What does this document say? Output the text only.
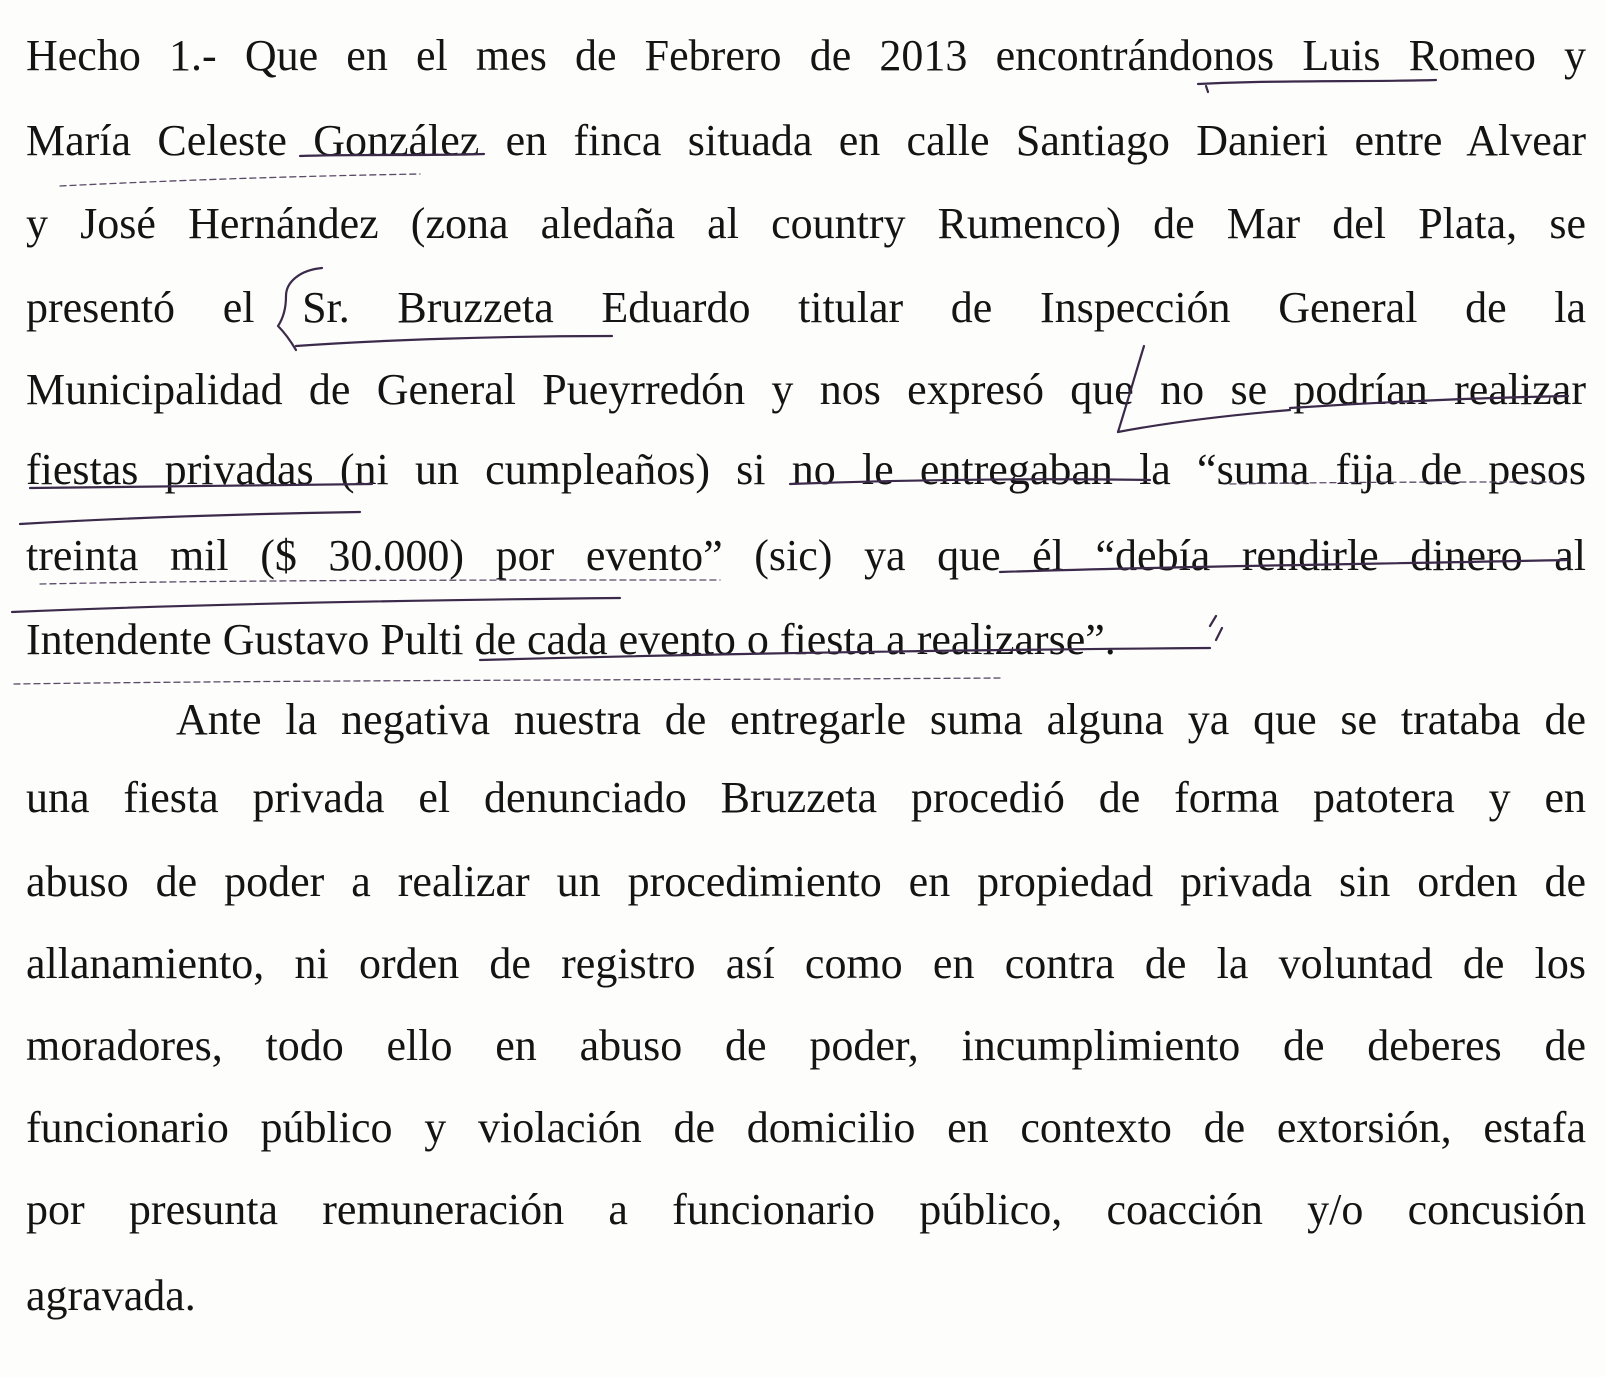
Hecho 1.- Que en el mes de Febrero de 2013 encontrándonos Luis Romeo y
María Celeste González en finca situada en calle Santiago Danieri entre Alvear
y José Hernández (zona aledaña al country Rumenco) de Mar del Plata, se
presentó el Sr. Bruzzeta Eduardo titular de Inspección General de la
Municipalidad de General Pueyrredón y nos expresó que no se podrían realizar
fiestas privadas (ni un cumpleaños) si no le entregaban la “suma fija de pesos
treinta mil ($ 30.000) por evento” (sic) ya que él “debía rendirle dinero al
Intendente Gustavo Pulti de cada evento o fiesta a realizarse”.
Ante la negativa nuestra de entregarle suma alguna ya que se trataba de
una fiesta privada el denunciado Bruzzeta procedió de forma patotera y en
abuso de poder a realizar un procedimiento en propiedad privada sin orden de
allanamiento, ni orden de registro así como en contra de la voluntad de los
moradores, todo ello en abuso de poder, incumplimiento de deberes de
funcionario público y violación de domicilio en contexto de extorsión, estafa
por presunta remuneración a funcionario público, coacción y/o concusión
agravada.
